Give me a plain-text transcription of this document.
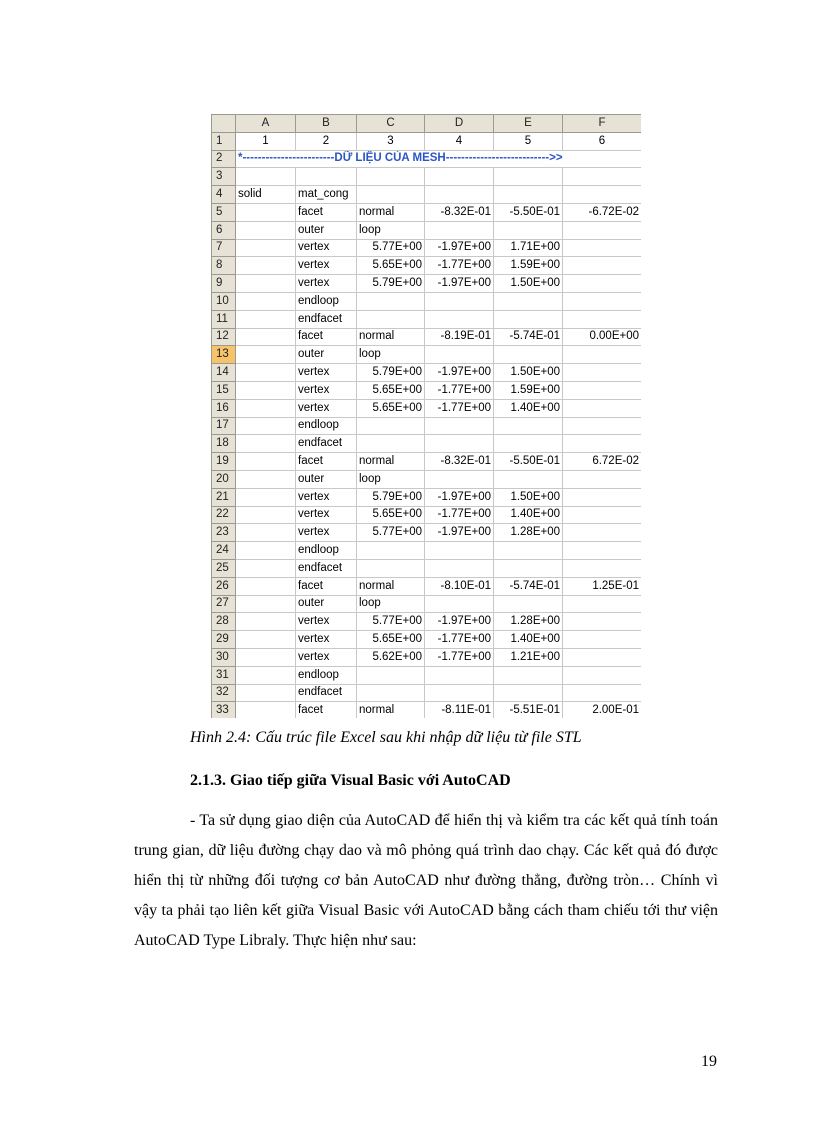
	A	B	C	D	E	F
1	1	2	3	4	5	6
2	*------------------------DỮ LIỆU CỦA MESH--------------------------->>					
3						
4	solid	mat_cong				
5		facet	normal	-8.32E-01	-5.50E-01	-6.72E-02
6		outer	loop			
7		vertex	5.77E+00	-1.97E+00	1.71E+00	
8		vertex	5.65E+00	-1.77E+00	1.59E+00	
9		vertex	5.79E+00	-1.97E+00	1.50E+00	
10		endloop				
11		endfacet				
12		facet	normal	-8.19E-01	-5.74E-01	0.00E+00
13		outer	loop			
14		vertex	5.79E+00	-1.97E+00	1.50E+00	
15		vertex	5.65E+00	-1.77E+00	1.59E+00	
16		vertex	5.65E+00	-1.77E+00	1.40E+00	
17		endloop				
18		endfacet				
19		facet	normal	-8.32E-01	-5.50E-01	6.72E-02
20		outer	loop			
21		vertex	5.79E+00	-1.97E+00	1.50E+00	
22		vertex	5.65E+00	-1.77E+00	1.40E+00	
23		vertex	5.77E+00	-1.97E+00	1.28E+00	
24		endloop				
25		endfacet				
26		facet	normal	-8.10E-01	-5.74E-01	1.25E-01
27		outer	loop			
28		vertex	5.77E+00	-1.97E+00	1.28E+00	
29		vertex	5.65E+00	-1.77E+00	1.40E+00	
30		vertex	5.62E+00	-1.77E+00	1.21E+00	
31		endloop				
32		endfacet				
33		facet	normal	-8.11E-01	-5.51E-01	2.00E-01

Hình 2.4: Cấu trúc file Excel sau khi nhập dữ liệu từ file STL
2.1.3. Giao tiếp giữa Visual Basic với AutoCAD

- Ta sử dụng giao diện của AutoCAD để hiển thị và kiểm tra các kết quả tính toán trung gian, dữ liệu đường chạy dao và mô phỏng quá trình dao chạy. Các kết quả đó được hiển thị từ những đối tượng cơ bản AutoCAD như đường thẳng, đường tròn… Chính vì vậy ta phải tạo liên kết giữa Visual Basic với AutoCAD bằng cách tham chiếu tới thư viện AutoCAD Type Libraly. Thực hiện như sau:

19
